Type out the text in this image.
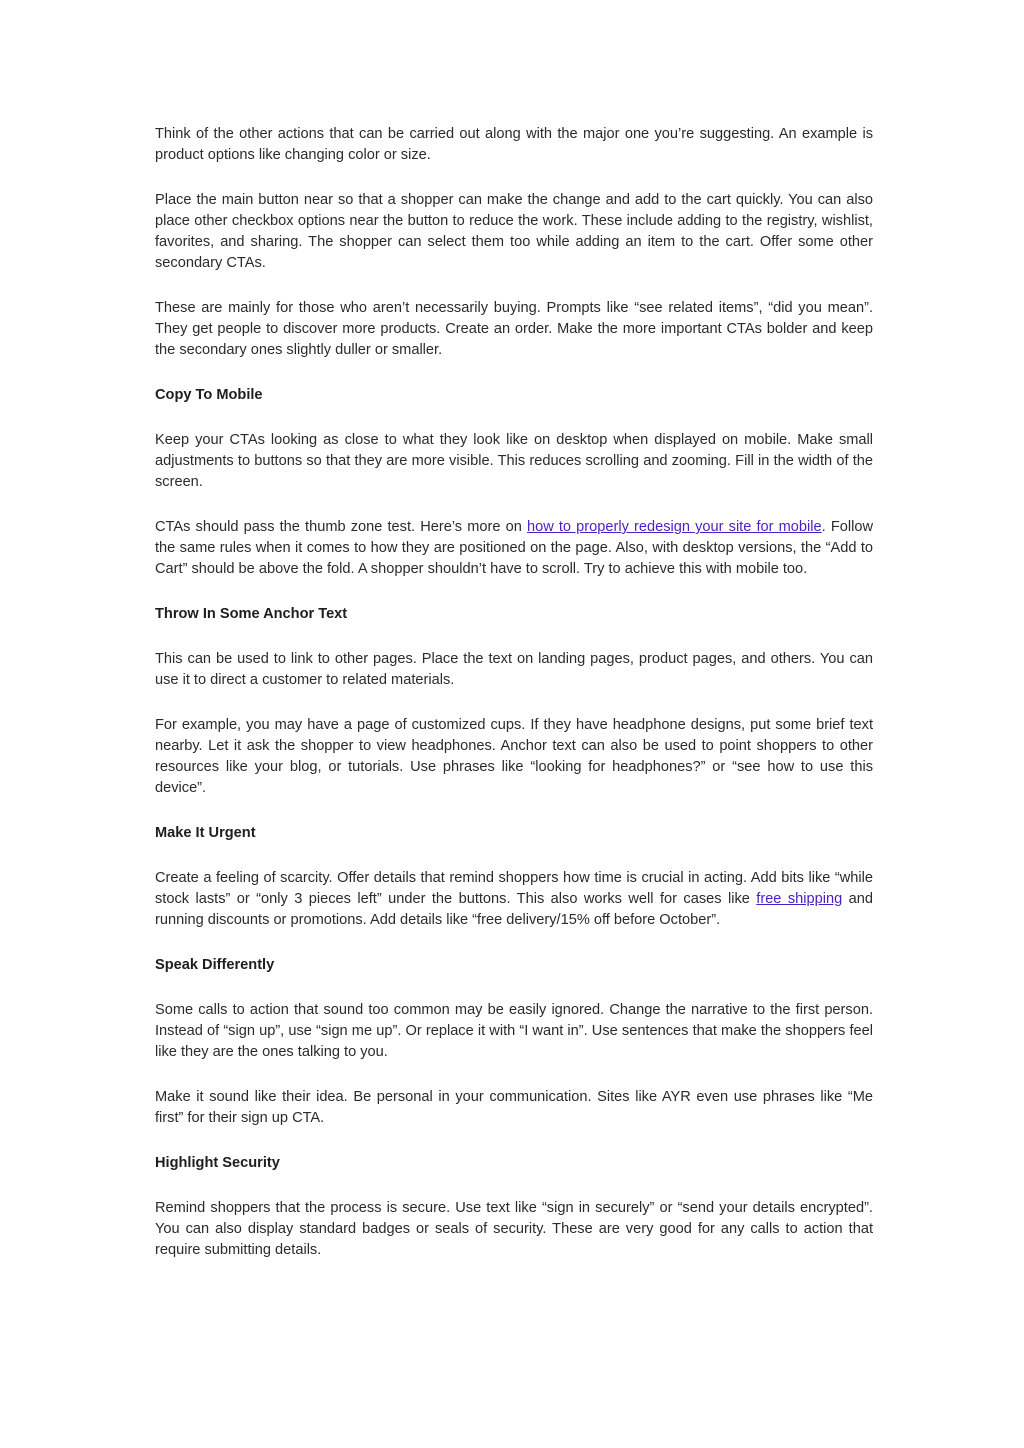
Think of the other actions that can be carried out along with the major one you’re suggesting. An example is product options like changing color or size.

Place the main button near so that a shopper can make the change and add to the cart quickly. You can also place other checkbox options near the button to reduce the work. These include adding to the registry, wishlist, favorites, and sharing. The shopper can select them too while adding an item to the cart. Offer some other secondary CTAs.

These are mainly for those who aren’t necessarily buying. Prompts like “see related items”, “did you mean”. They get people to discover more products. Create an order. Make the more important CTAs bolder and keep the secondary ones slightly duller or smaller.

Copy To Mobile

Keep your CTAs looking as close to what they look like on desktop when displayed on mobile. Make small adjustments to buttons so that they are more visible. This reduces scrolling and zooming. Fill in the width of the screen.

CTAs should pass the thumb zone test. Here’s more on how to properly redesign your site for mobile. Follow the same rules when it comes to how they are positioned on the page. Also, with desktop versions, the “Add to Cart” should be above the fold. A shopper shouldn’t have to scroll. Try to achieve this with mobile too.

Throw In Some Anchor Text

This can be used to link to other pages. Place the text on landing pages, product pages, and others. You can use it to direct a customer to related materials.

For example, you may have a page of customized cups. If they have headphone designs, put some brief text nearby. Let it ask the shopper to view headphones. Anchor text can also be used to point shoppers to other resources like your blog, or tutorials. Use phrases like “looking for headphones?” or “see how to use this device”.

Make It Urgent

Create a feeling of scarcity. Offer details that remind shoppers how time is crucial in acting. Add bits like “while stock lasts” or “only 3 pieces left” under the buttons. This also works well for cases like free shipping and running discounts or promotions. Add details like “free delivery/15% off before October”.

Speak Differently

Some calls to action that sound too common may be easily ignored. Change the narrative to the first person. Instead of “sign up”, use “sign me up”. Or replace it with “I want in”. Use sentences that make the shoppers feel like they are the ones talking to you.

Make it sound like their idea. Be personal in your communication. Sites like AYR even use phrases like “Me first” for their sign up CTA.

Highlight Security

Remind shoppers that the process is secure. Use text like “sign in securely” or “send your details encrypted”. You can also display standard badges or seals of security. These are very good for any calls to action that require submitting details.
